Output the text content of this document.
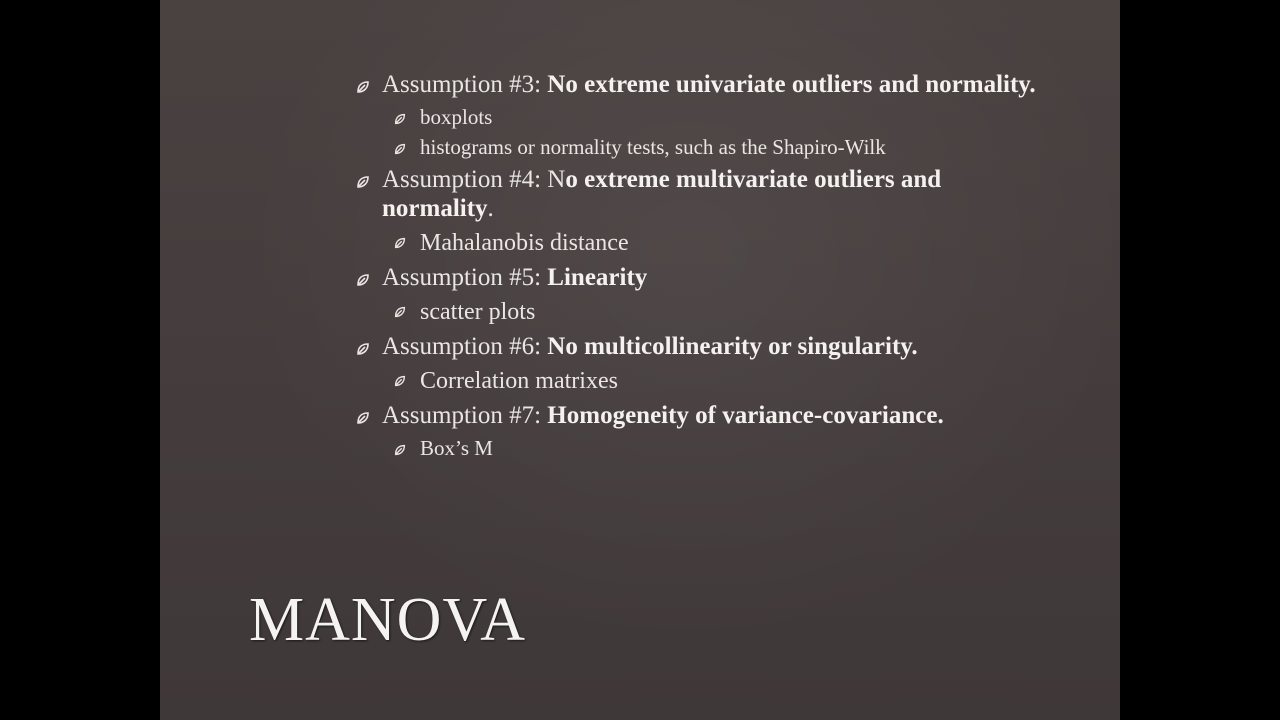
Assumption #3: No extreme univariate outliers and normality.
boxplots
histograms or normality tests, such as the Shapiro-Wilk
Assumption #4: No extreme multivariate outliers and normality.
Mahalanobis distance
Assumption #5: Linearity
scatter plots
Assumption #6: No multicollinearity or singularity.
Correlation matrixes
Assumption #7: Homogeneity of variance-covariance.
Box’s M
MANOVA
